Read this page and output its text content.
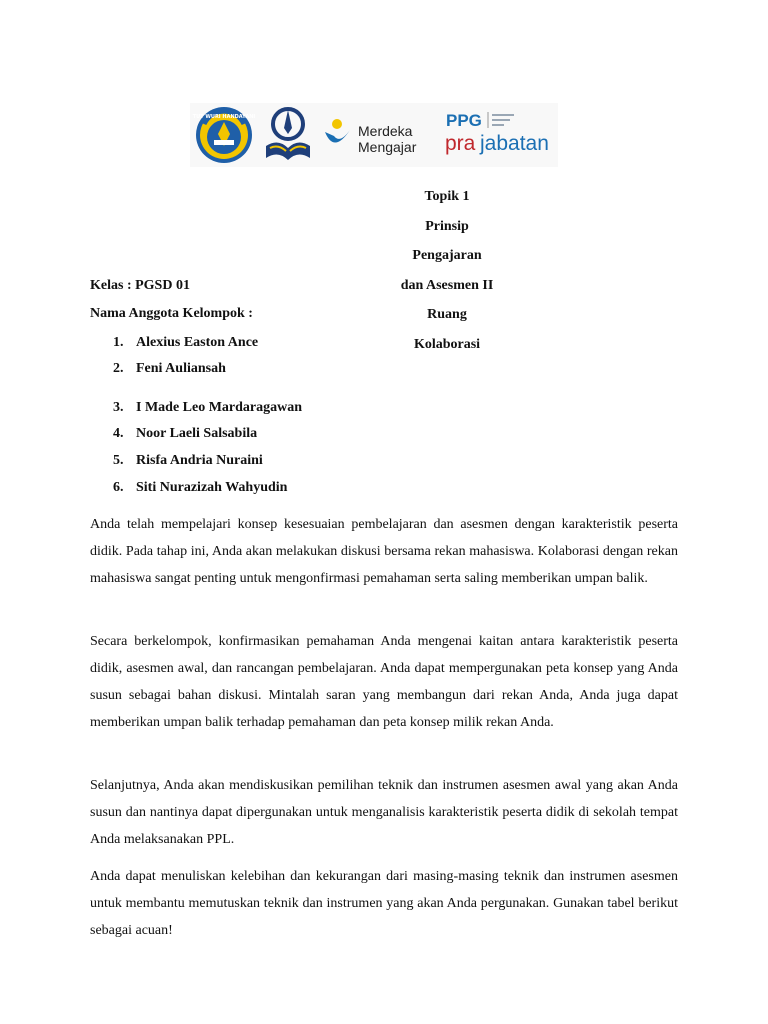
TUT WURI HANDAYANI
Merdeka
Mengajar
PPG
pra jabatan
Topik 1
Prinsip
Pengajaran
dan Asesmen II
Ruang
Kolaborasi
Kelas : PGSD 01
Nama Anggota Kelompok :
1. Alexius Easton Ance
2. Feni Auliansah
3. I Made Leo Mardaragawan
4. Noor Laeli Salsabila
5. Risfa Andria Nuraini
6. Siti Nurazizah Wahyudin
Anda telah mempelajari konsep kesesuaian pembelajaran dan asesmen dengan karakteristik peserta didik. Pada tahap ini, Anda akan melakukan diskusi bersama rekan mahasiswa. Kolaborasi dengan rekan mahasiswa sangat penting untuk mengonfirmasi pemahaman serta saling memberikan umpan balik.
Secara berkelompok, konfirmasikan pemahaman Anda mengenai kaitan antara karakteristik peserta didik, asesmen awal, dan rancangan pembelajaran. Anda dapat mempergunakan peta konsep yang Anda susun sebagai bahan diskusi. Mintalah saran yang membangun dari rekan Anda, Anda juga dapat memberikan umpan balik terhadap pemahaman dan peta konsep milik rekan Anda.
Selanjutnya, Anda akan mendiskusikan pemilihan teknik dan instrumen asesmen awal yang akan Anda susun dan nantinya dapat dipergunakan untuk menganalisis karakteristik peserta didik di sekolah tempat Anda melaksanakan PPL.
Anda dapat menuliskan kelebihan dan kekurangan dari masing-masing teknik dan instrumen asesmen untuk membantu memutuskan teknik dan instrumen yang akan Anda pergunakan. Gunakan tabel berikut sebagai acuan!
